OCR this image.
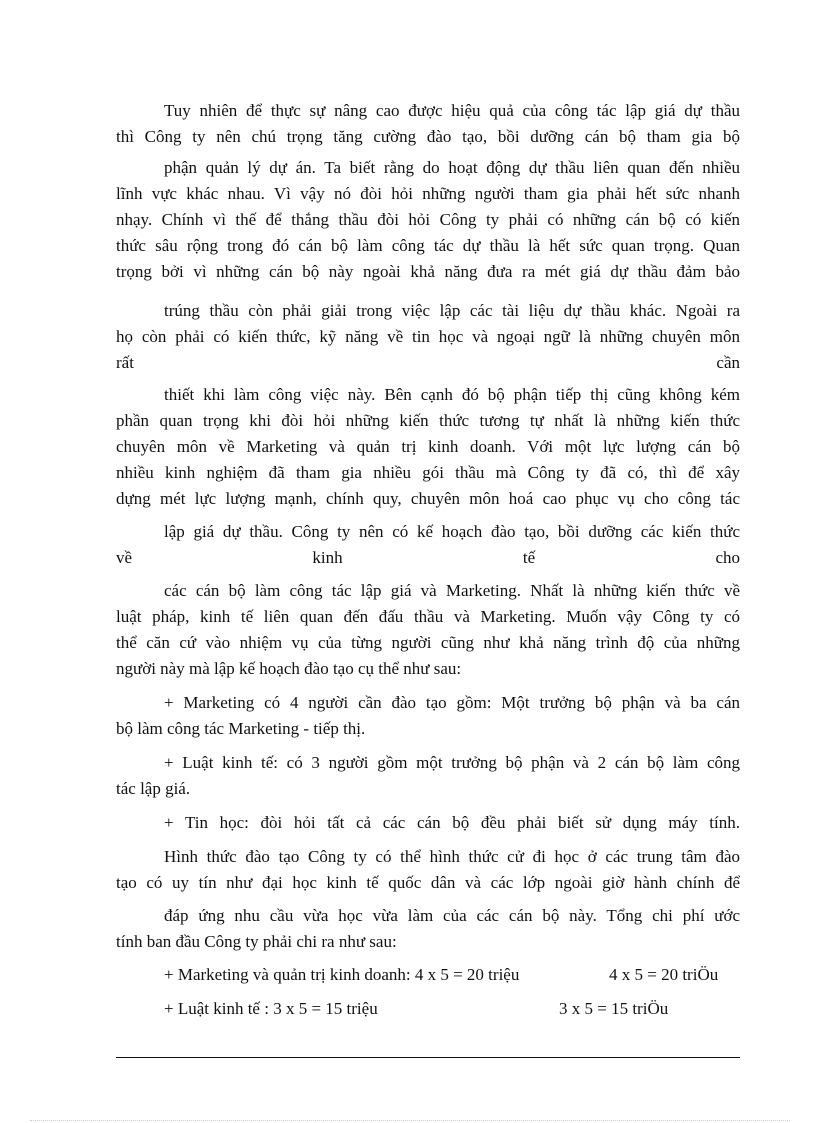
Tuy nhiên để thực sự nâng cao được hiệu quả của công tác lập giá dự thầu
thì Công ty nên chú trọng tăng cường đào tạo, bồi dưỡng cán bộ tham gia bộ
phận quản lý dự án. Ta biết rằng do hoạt động dự thầu liên quan đến nhiều
lĩnh vực khác nhau. Vì vậy nó đòi hỏi những người tham gia phải hết sức nhanh
nhạy. Chính vì thế để thắng thầu đòi hỏi Công ty phải có những cán bộ có kiến
thức sâu rộng trong đó cán bộ làm công tác dự thầu là hết sức quan trọng. Quan
trọng bởi vì những cán bộ này ngoài khả năng đưa ra mét giá dự thầu đảm bảo
trúng thầu còn phải giải trong việc lập các tài liệu dự thầu khác. Ngoài ra
họ còn phải có kiến thức, kỹ năng về tin học và ngoại ngữ là những chuyên môn
rất cần
thiết khi làm công việc này. Bên cạnh đó bộ phận tiếp thị cũng không kém
phần quan trọng khi đòi hỏi những kiến thức tương tự nhất là những kiến thức
chuyên môn về Marketing và quản trị kinh doanh. Với một lực lượng cán bộ
nhiều kinh nghiệm đã tham gia nhiều gói thầu mà Công ty đã có, thì để xây
dựng mét lực lượng mạnh, chính quy, chuyên môn hoá cao phục vụ cho công tác
lập giá dự thầu. Công ty nên có kế hoạch đào tạo, bồi dưỡng các kiến thức
về kinh tế cho
các cán bộ làm công tác lập giá và Marketing. Nhất là những kiến thức về
luật pháp, kinh tế liên quan đến đấu thầu và Marketing. Muốn vậy Công ty có
thể căn cứ vào nhiệm vụ của từng người cũng như khả năng trình độ của những
người này mà lập kế hoạch đào tạo cụ thể như sau:
+ Marketing có 4 người cần đào tạo gồm: Một trưởng bộ phận và ba cán
bộ làm công tác Marketing - tiếp thị.
+ Luật kinh tế: có 3 người gồm một trưởng bộ phận và 2 cán bộ làm công
tác lập giá.
+ Tin học: đòi hỏi tất cả các cán bộ đều phải biết sử dụng máy tính.
Hình thức đào tạo Công ty có thể hình thức cử đi học ở các trung tâm đào
tạo có uy tín như đại học kinh tế quốc dân và các lớp ngoài giờ hành chính để
đáp ứng nhu cầu vừa học vừa làm của các cán bộ này. Tổng chi phí ước
tính ban đầu Công ty phải chi ra như sau:
+ Marketing và quản trị kinh doanh: 4 x 5 = 20 triệu	4 x 5 = 20 triÖu
+ Luật kinh tế : 3 x 5 = 15 triệu	3 x 5 = 15 triÖu
